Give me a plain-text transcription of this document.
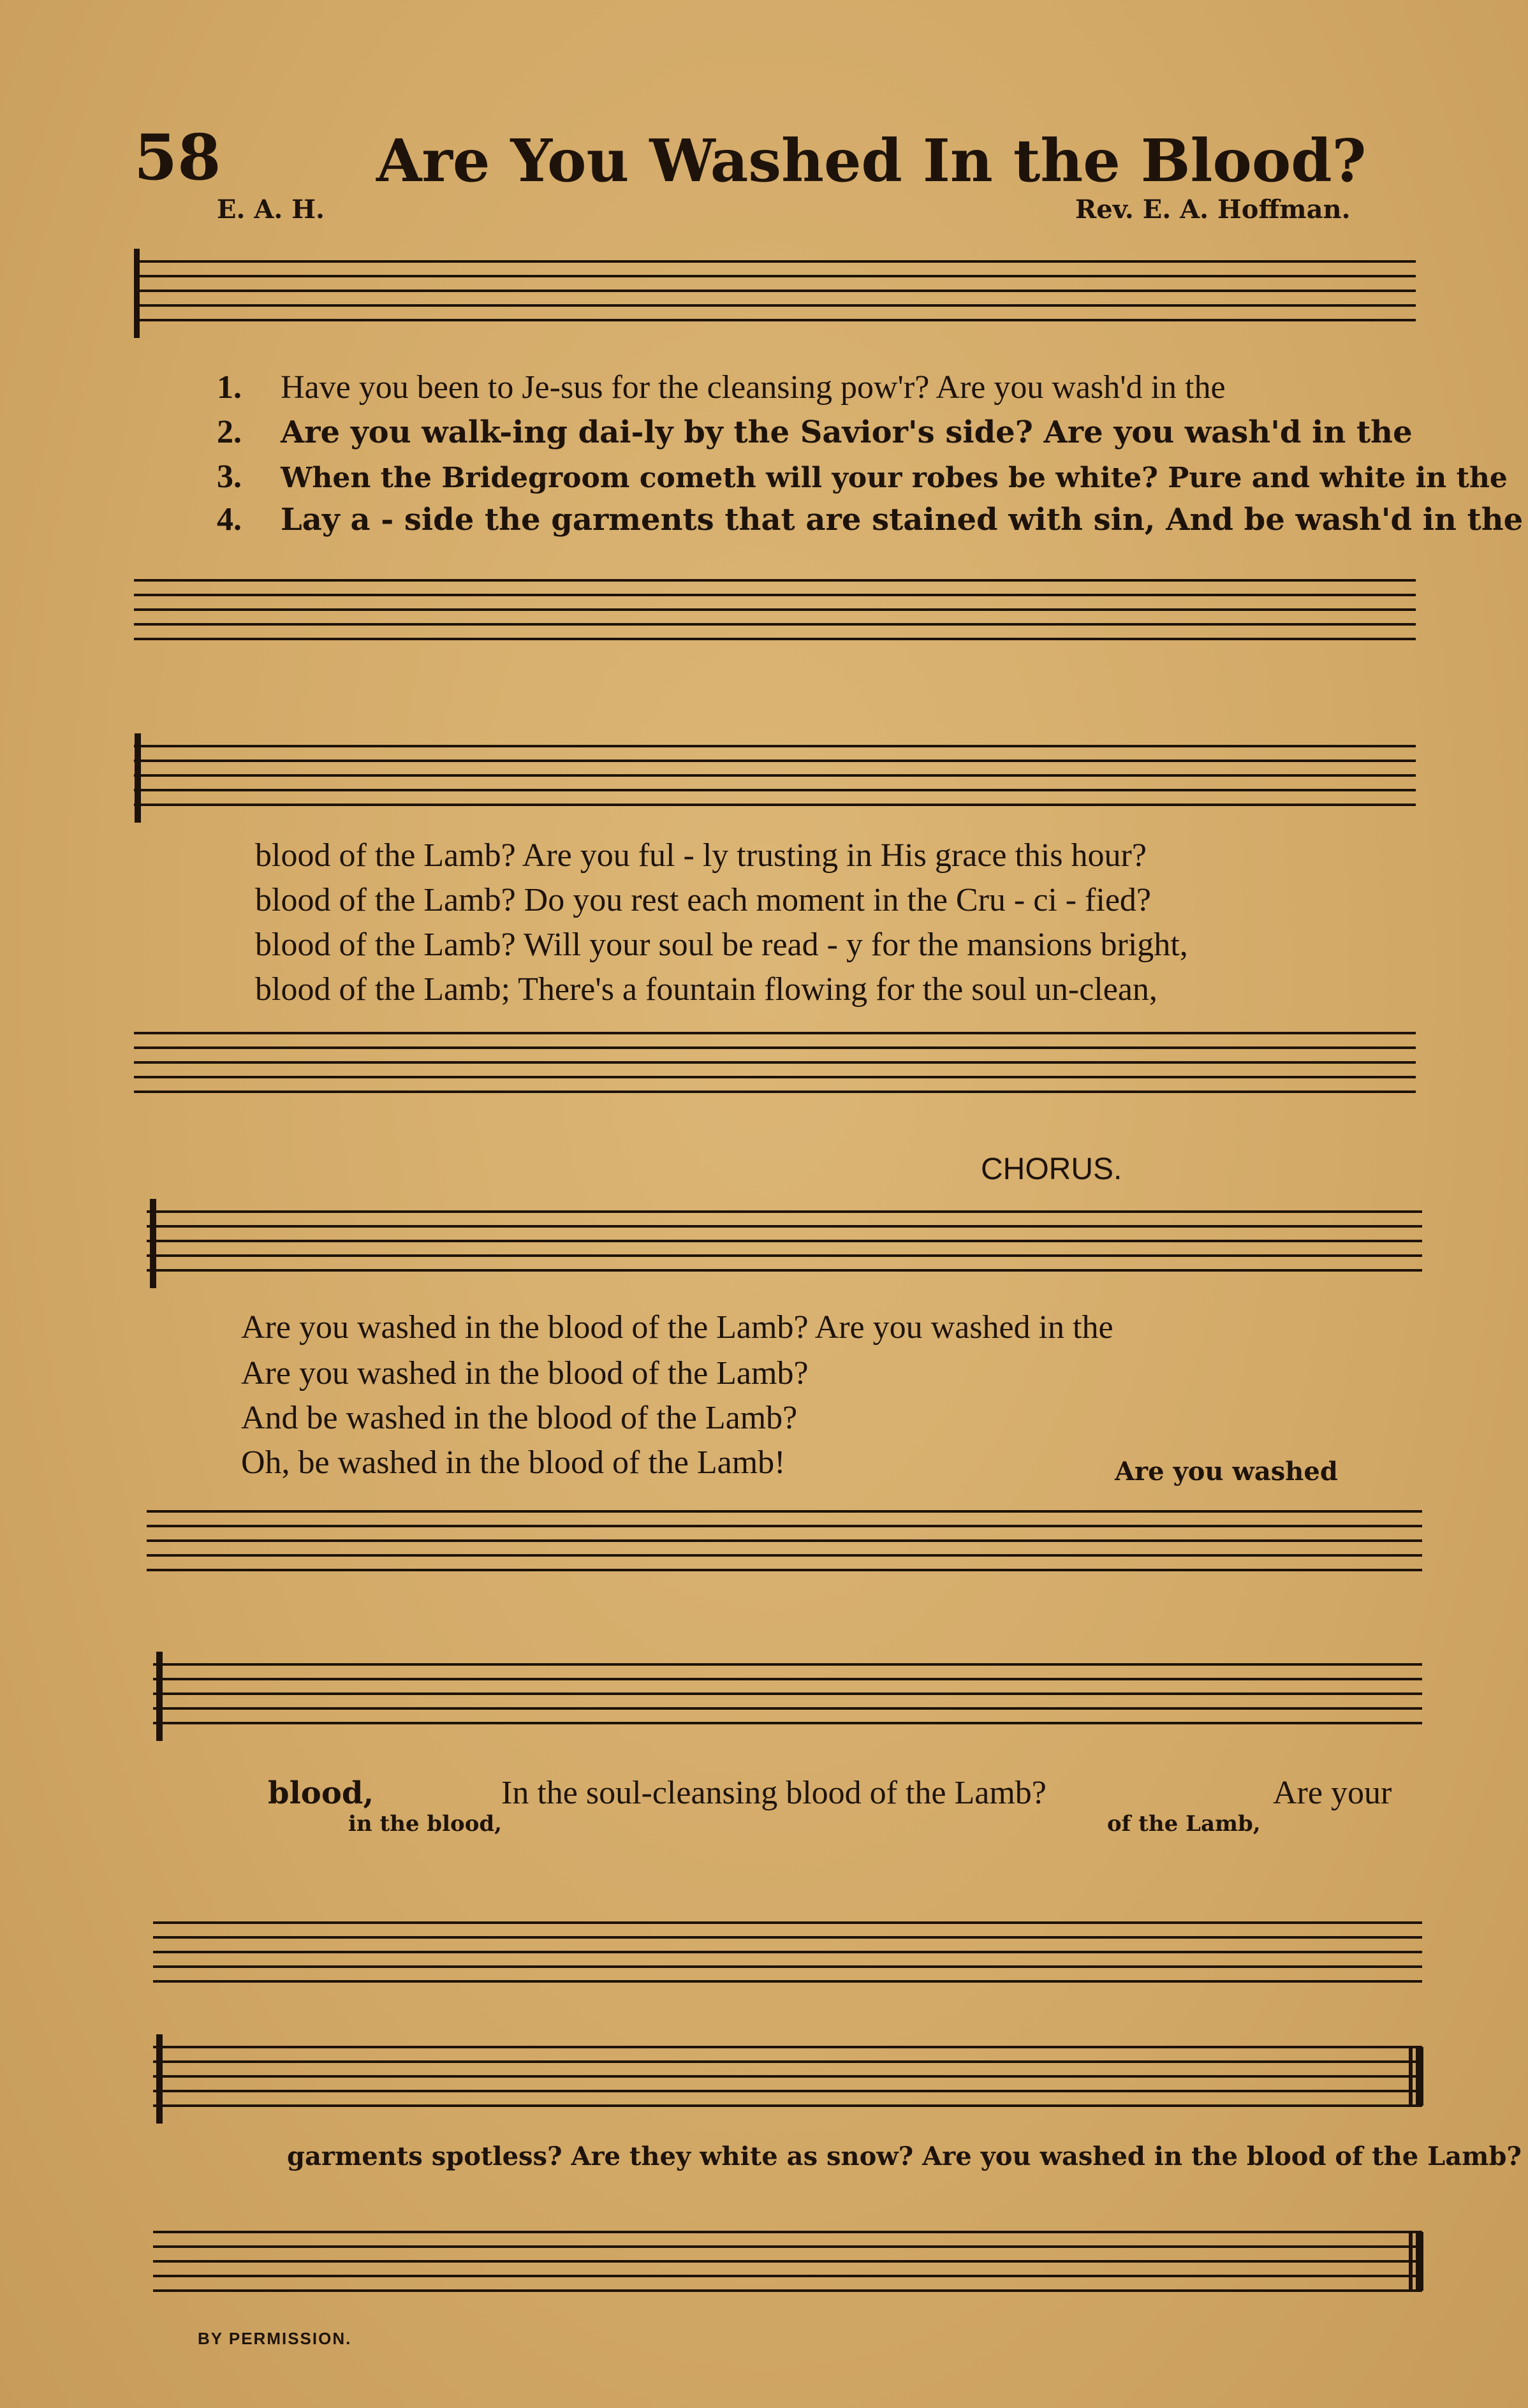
58	Are You Washed In the Blood?
E. A. H.	Rev. E. A. Hoffman.
1. Have you been to Je-sus for the cleansing pow'r? Are you wash'd in the
2. Are you walk-ing dai-ly by the Savior's side? Are you wash'd in the
3. When the Bridegroom cometh will your robes be white? Pure and white in the
4. Lay a - side the garments that are stained with sin, And be wash'd in the
blood of the Lamb? Are you ful - ly trusting in His grace this hour?
blood of the Lamb? Do you rest each moment in the Cru - ci - fied?
blood of the Lamb? Will your soul be read - y for the mansions bright,
blood of the Lamb; There's a fountain flowing for the soul un-clean,
CHORUS.
Are you washed in the blood of the Lamb? Are you washed in the
Are you washed in the blood of the Lamb?
And be washed in the blood of the Lamb?
Oh, be washed in the blood of the Lamb!	Are you washed
blood,	In the soul-cleansing blood of the Lamb?	Are your
in the blood,	of the Lamb,
garments spotless? Are they white as snow? Are you washed in the blood of the Lamb?
BY PERMISSION.
